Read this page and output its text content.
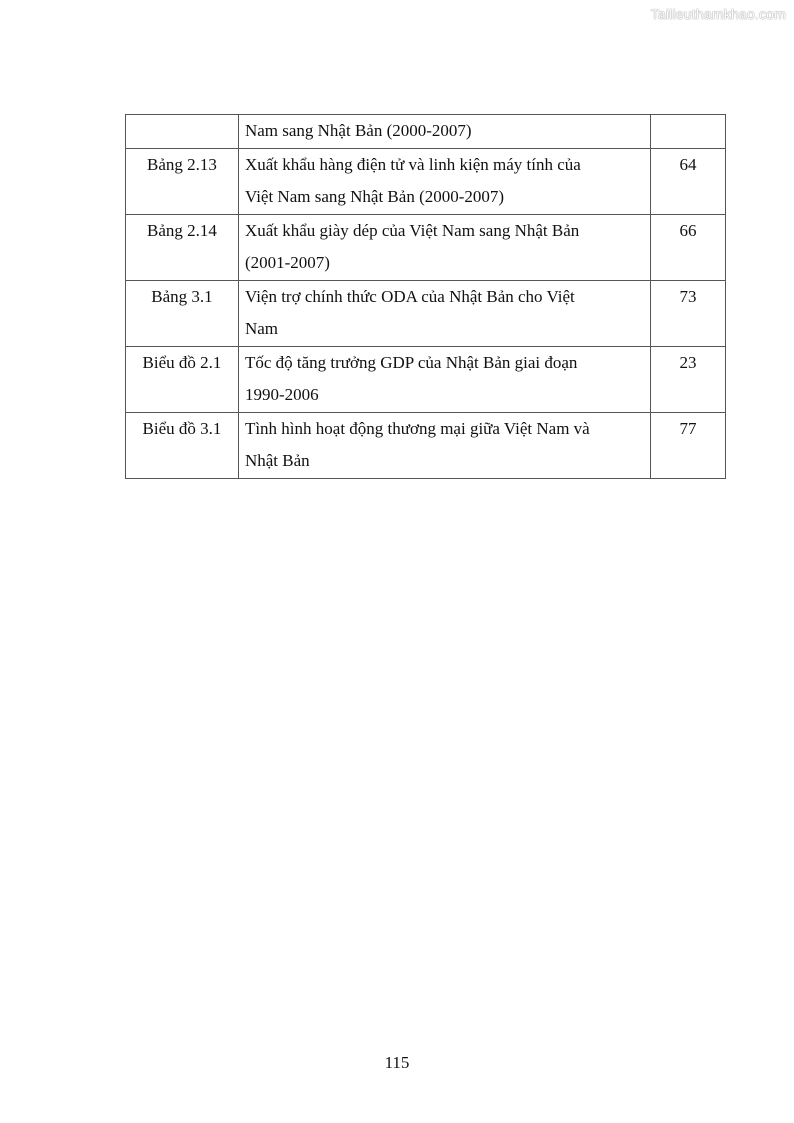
Tailieuthamkhao.com

	Nam sang Nhật Bản (2000-2007)	

Bảng 2.13	Xuất khẩu hàng điện tử và linh kiện máy tính của
Việt Nam sang Nhật Bản (2000-2007)	64
Bảng 2.14	Xuất khẩu giày dép của Việt Nam sang Nhật Bản
(2001-2007)	66
Bảng 3.1	Viện trợ chính thức ODA của Nhật Bản cho Việt
Nam	73
Biểu đồ 2.1	Tốc độ tăng trưởng GDP của Nhật Bản giai đoạn
1990-2006	23
Biểu đồ 3.1	Tình hình hoạt động thương mại giữa Việt Nam và
Nhật Bản	77
115
